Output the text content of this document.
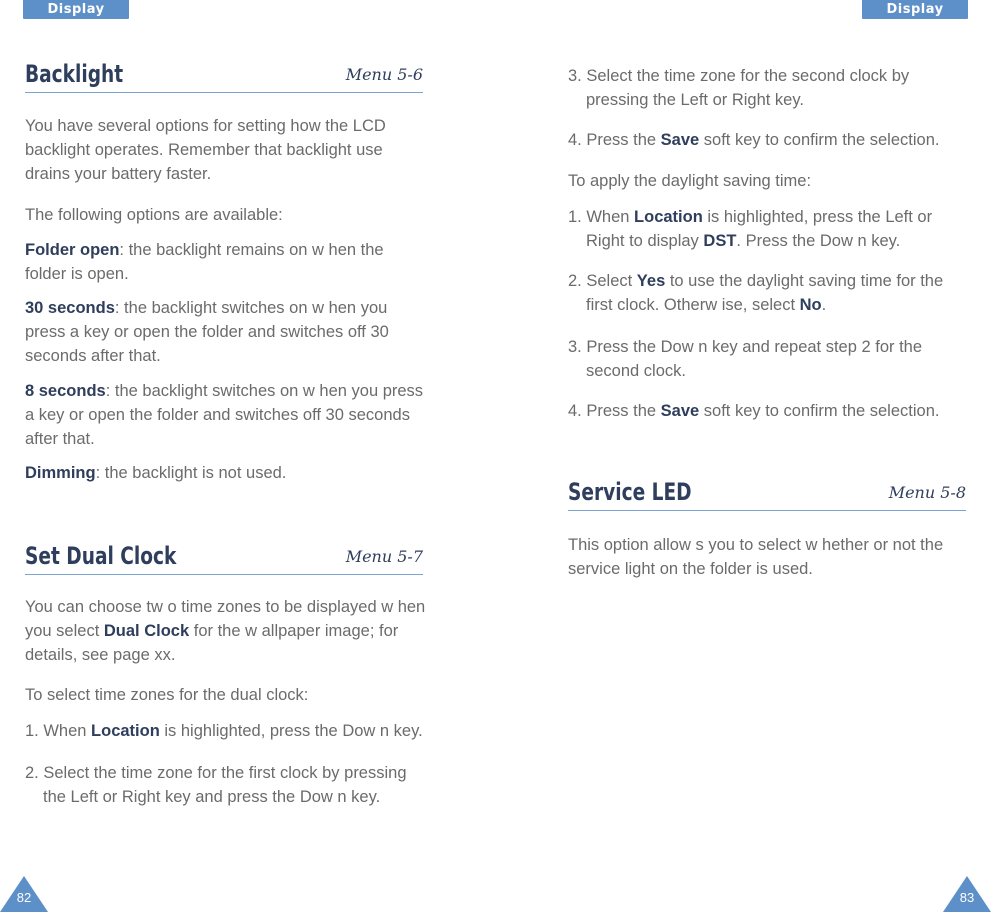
Display	Display
Backlight	Menu 5-6
You have several options for setting how the LCD
backlight operates. Remember that backlight use
drains your battery faster.
The following options are available:
Folder open: the backlight remains on w hen the
folder is open.
30 seconds: the backlight switches on w hen you
press a key or open the folder and switches off 30
seconds after that.
8 seconds: the backlight switches on w hen you press
a key or open the folder and switches off 30 seconds
after that.
Dimming: the backlight is not used.
Set Dual Clock	Menu 5-7
You can choose tw o time zones to be displayed w hen
you select Dual Clock for the w allpaper image; for
details, see page xx.
To select time zones for the dual clock:
1. When Location is highlighted, press the Dow n key.
2. Select the time zone for the first clock by pressing
the Left or Right key and press the Dow n key.
3. Select the time zone for the second clock by
pressing the Left or Right key.
4. Press the Save soft key to confirm the selection.
To apply the daylight saving time:
1. When Location is highlighted, press the Left or
Right to display DST. Press the Dow n key.
2. Select Yes to use the daylight saving time for the
first clock. Otherw ise, select No.
3. Press the Dow n key and repeat step 2 for the
second clock.
4. Press the Save soft key to confirm the selection.
Service LED	Menu 5-8
This option allow s you to select w hether or not the
service light on the folder is used.
82	83
